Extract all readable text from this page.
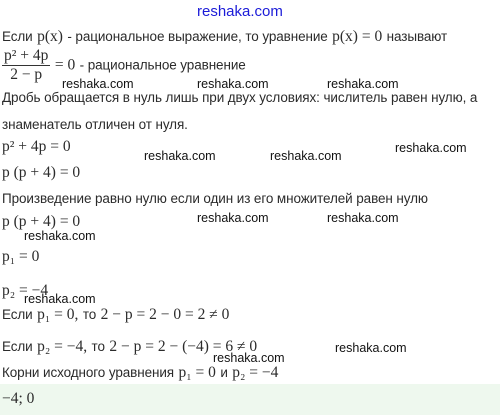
reshaka.com
Если p(x) - рациональное выражение, то уравнение p(x) = 0 называют
$\frac{\text{p² + 4p}}{2 - p} = 0$ - рациональное уравнение
reshaka.com	reshaka.com	reshaka.com
Дробь обращается в нуль лишь при двух условиях: числитель равен нулю, а
знаменатель отличен от нуля.
p² + 4p = 0	reshaka.com
reshaka.com	reshaka.com
p (p + 4) = 0
Произведение равно нулю если один из его множителей равен нулю
p (p + 4) = 0	reshaka.com	reshaka.com
reshaka.com
p₁ = 0
p₂ = −4
reshaka.com
Если p₁ = 0, то 2 − p = 2 − 0 = 2 ≠ 0
Если p₂ = −4, то 2 − p = 2 − (−4) = 6 ≠ 0	reshaka.com
reshaka.com
Корни исходного уравнения p₁ = 0 и p₂ = −4
−4; 0
